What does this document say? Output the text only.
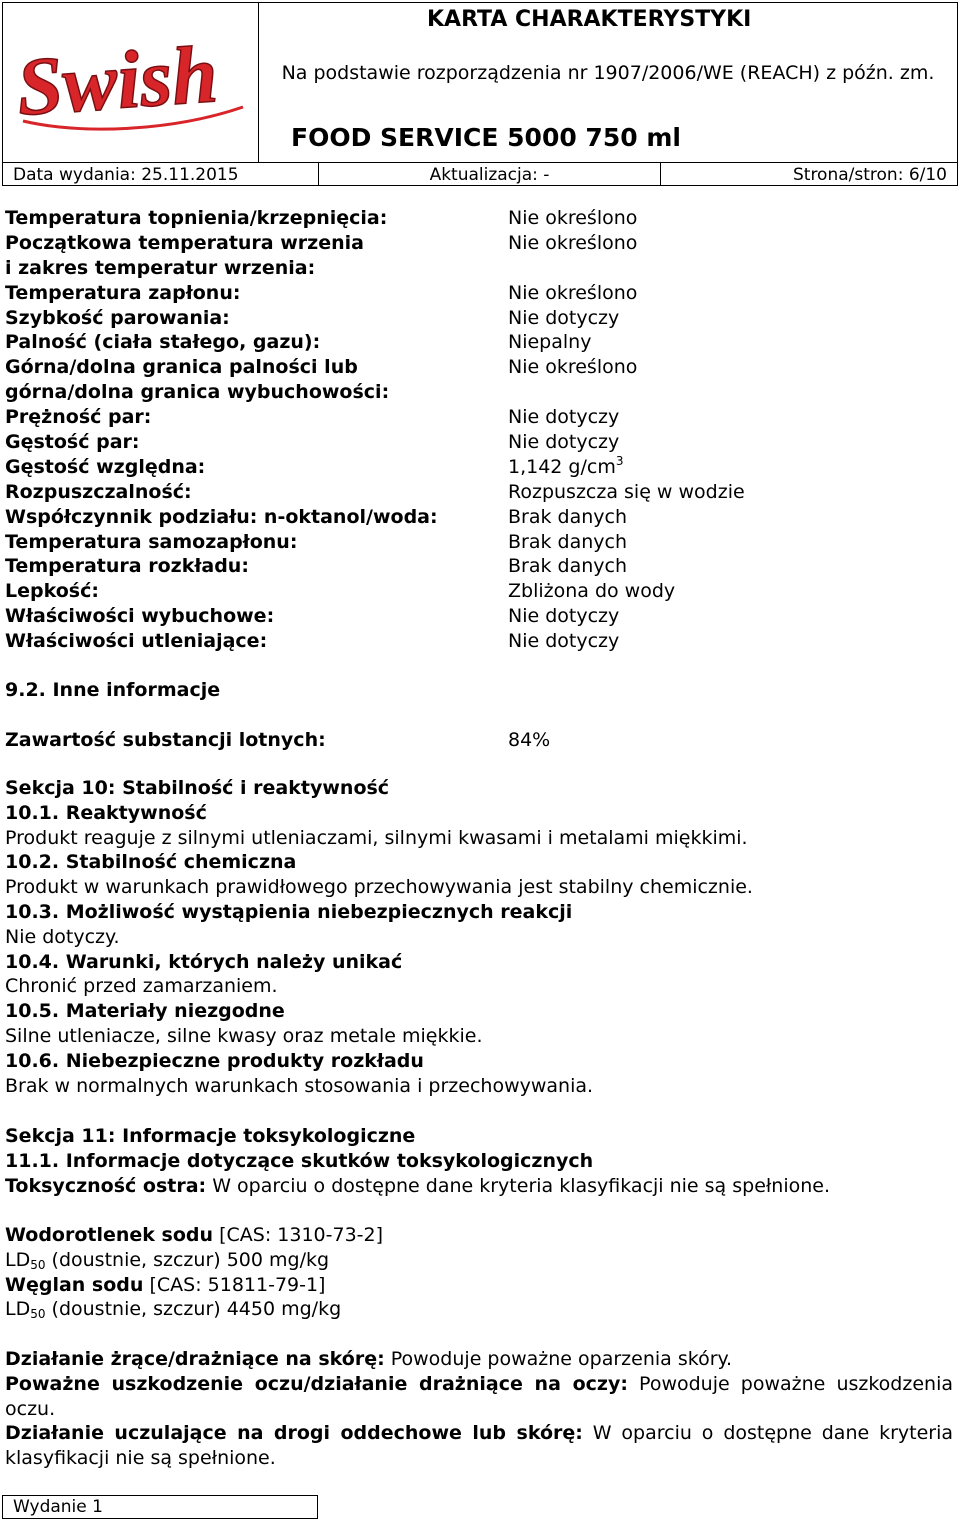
Swish
KARTA CHARAKTERYSTYKI
Na podstawie rozporządzenia nr 1907/2006/WE (REACH) z późn. zm.
FOOD SERVICE 5000 750 ml
Data wydania: 25.11.2015	Aktualizacja: -	Strona/stron: 6/10
Temperatura topnienia/krzepnięcia:	Nie określono
Początkowa temperatura wrzenia	Nie określono
i zakres temperatur wrzenia:
Temperatura zapłonu:	Nie określono
Szybkość parowania:	Nie dotyczy
Palność (ciała stałego, gazu):	Niepalny
Górna/dolna granica palności lub	Nie określono
górna/dolna granica wybuchowości:
Prężność par:	Nie dotyczy
Gęstość par:	Nie dotyczy
Gęstość względna:	1,142 $g/cm^3$
Rozpuszczalność:	Rozpuszcza się w wodzie
Współczynnik podziału: n-oktanol/woda:	Brak danych
Temperatura samozapłonu:	Brak danych
Temperatura rozkładu:	Brak danych
Lepkość:	Zbliżona do wody
Właściwości wybuchowe:	Nie dotyczy
Właściwości utleniające:	Nie dotyczy
9.2. Inne informacje
Zawartość substancji lotnych:	84%
Sekcja 10: Stabilność i reaktywność
10.1. Reaktywność
Produkt reaguje z silnymi utleniaczami, silnymi kwasami i metalami miękkimi.
10.2. Stabilność chemiczna
Produkt w warunkach prawidłowego przechowywania jest stabilny chemicznie.
10.3. Możliwość wystąpienia niebezpiecznych reakcji
Nie dotyczy.
10.4. Warunki, których należy unikać
Chronić przed zamarzaniem.
10.5. Materiały niezgodne
Silne utleniacze, silne kwasy oraz metale miękkie.
10.6. Niebezpieczne produkty rozkładu
Brak w normalnych warunkach stosowania i przechowywania.
Sekcja 11: Informacje toksykologiczne
11.1. Informacje dotyczące skutków toksykologicznych
Toksyczność ostra: W oparciu o dostępne dane kryteria klasyfikacji nie są spełnione.
Wodorotlenek sodu [CAS: 1310-73-2]
$LD_{50}$ (doustnie, szczur) 500 mg/kg
Węglan sodu [CAS: 51811-79-1]
$LD_{50}$ (doustnie, szczur) 4450 mg/kg
Działanie żrące/drażniące na skórę: Powoduje poważne oparzenia skóry.
Poważne uszkodzenie oczu/działanie drażniące na oczy: Powoduje poważne uszkodzenia oczu.
Działanie uczulające na drogi oddechowe lub skórę: W oparciu o dostępne dane kryteria klasyfikacji nie są spełnione.
Wydanie 1
